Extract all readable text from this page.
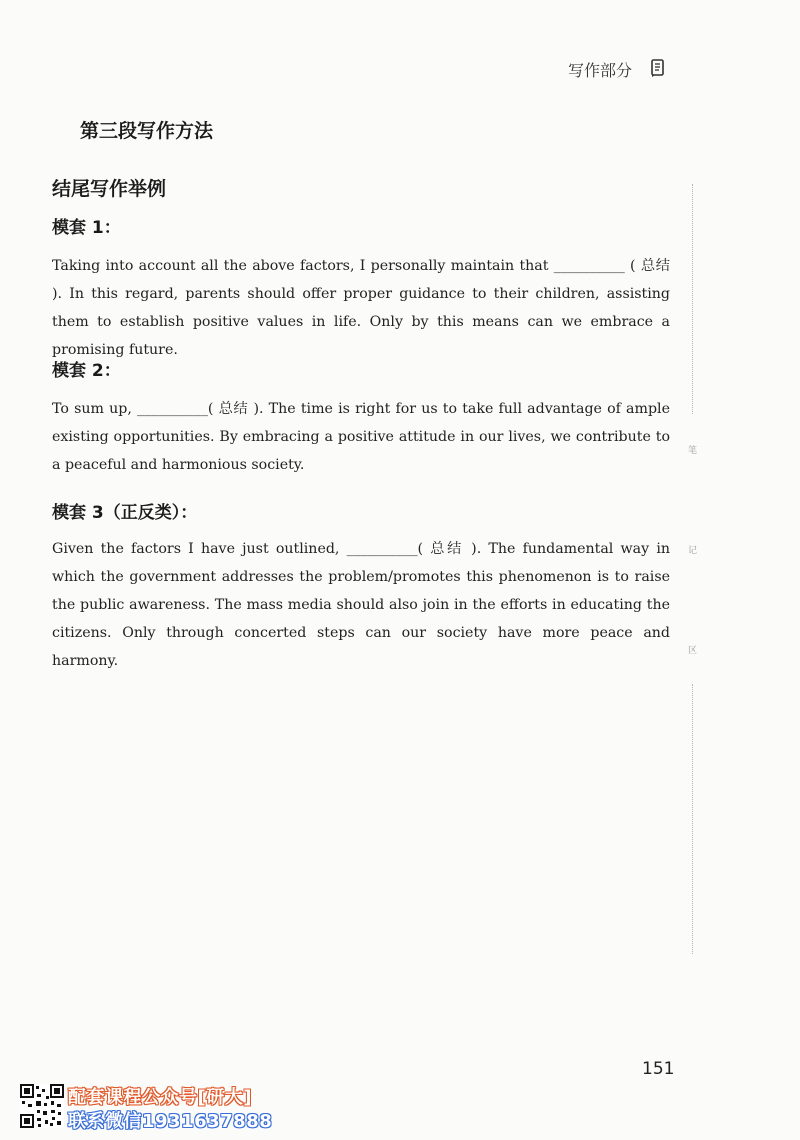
写作部分
第三段写作方法
结尾写作举例
模套 1：
Taking into account all the above factors, I personally maintain that __________ ( 总结 ). In this regard, parents should offer proper guidance to their children, assisting them to establish positive values in life. Only by this means can we embrace a promising future.
模套 2：
To sum up, __________( 总结 ). The time is right for us to take full advantage of ample existing opportunities. By embracing a positive attitude in our lives, we contribute to a peaceful and harmonious society.
模套 3（正反类）：
Given the factors I have just outlined, __________( 总结 ). The fundamental way in which the government addresses the problem/promotes this phenomenon is to raise the public awareness. The mass media should also join in the efforts in educating the citizens. Only through concerted steps can our society have more peace and harmony.
笔
记
区
151
配套课程公众号[研大]
联系微信1931637888
